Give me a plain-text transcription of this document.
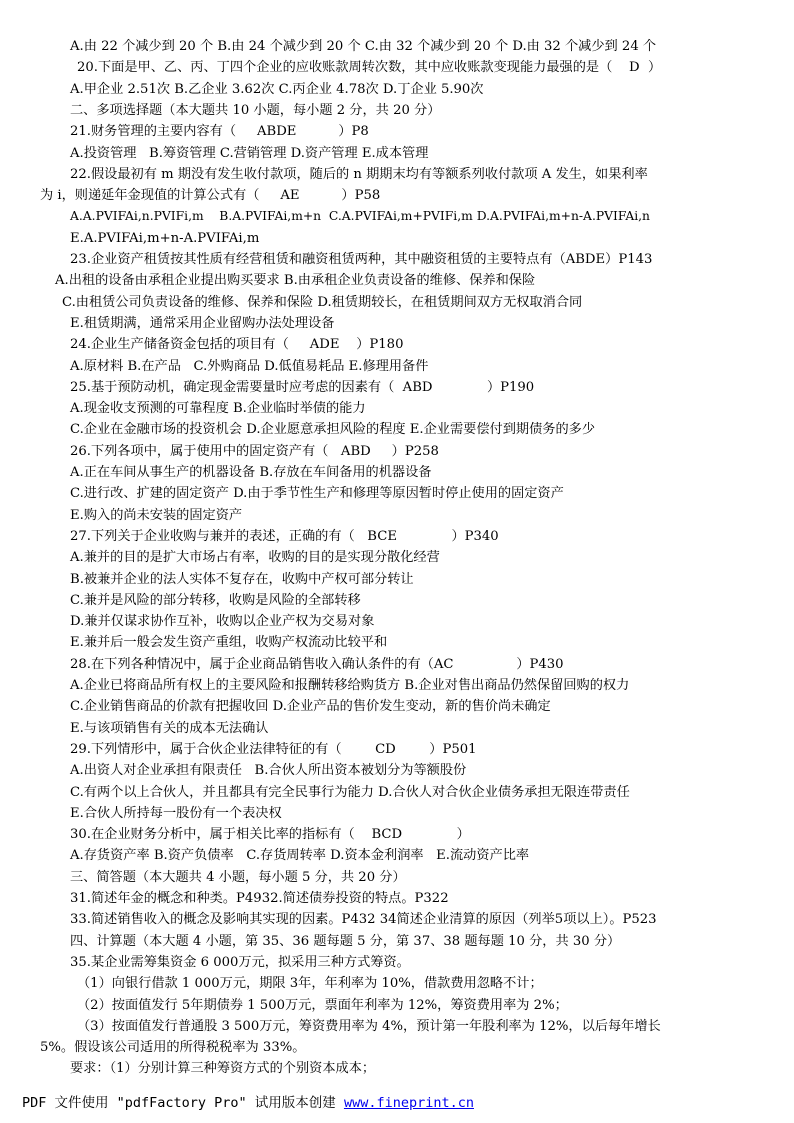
A.由 22 个减少到 20 个 B.由 24 个减少到 20 个 C.由 32 个减少到 20 个 D.由 32 个减少到 24 个
20.下面是甲、乙、丙、丁四个企业的应收账款周转次数，其中应收账款变现能力最强的是（    D  ）
A.甲企业 2.51次 B.乙企业 3.62次 C.丙企业 4.78次 D.丁企业 5.90次
二、多项选择题（本大题共 10 小题，每小题 2 分，共 20 分）
21.财务管理的主要内容有（     ABDE          ）P8
A.投资管理   B.筹资管理 C.营销管理 D.资产管理 E.成本管理
22.假设最初有 m 期没有发生收付款项，随后的 n 期期末均有等额系列收付款项 A 发生，如果利率
为 i，则递延年金现值的计算公式有（     AE          ）P58
A.A.PVIFAi,n.PVIFi,m    B.A.PVIFAi,m+n  C.A.PVIFAi,m+PVIFi,m D.A.PVIFAi,m+n-A.PVIFAi,n
E.A.PVIFAi,m+n-A.PVIFAi,m
23.企业资产租赁按其性质有经营租赁和融资租赁两种，其中融资租赁的主要特点有（ABDE）P143
A.出租的设备由承租企业提出购买要求 B.由承租企业负责设备的维修、保养和保险
C.由租赁公司负责设备的维修、保养和保险 D.租赁期较长，在租赁期间双方无权取消合同
E.租赁期满，通常采用企业留购办法处理设备
24.企业生产储备资金包括的项目有（     ADE    ）P180
A.原材料 B.在产品   C.外购商品 D.低值易耗品 E.修理用备件
25.基于预防动机，确定现金需要量时应考虑的因素有（  ABD             ）P190
A.现金收支预测的可靠程度 B.企业临时举债的能力
C.企业在金融市场的投资机会 D.企业愿意承担风险的程度 E.企业需要偿付到期债务的多少
26.下列各项中，属于使用中的固定资产有（   ABD     ）P258
A.正在车间从事生产的机器设备 B.存放在车间备用的机器设备
C.进行改、扩建的固定资产 D.由于季节性生产和修理等原因暂时停止使用的固定资产
E.购入的尚未安装的固定资产
27.下列关于企业收购与兼并的表述，正确的有（   BCE             ）P340
A.兼并的目的是扩大市场占有率，收购的目的是实现分散化经营
B.被兼并企业的法人实体不复存在，收购中产权可部分转让
C.兼并是风险的部分转移，收购是风险的全部转移
D.兼并仅谋求协作互补，收购以企业产权为交易对象
E.兼并后一般会发生资产重组，收购产权流动比较平和
28.在下列各种情况中，属于企业商品销售收入确认条件的有（AC               ）P430
A.企业已将商品所有权上的主要风险和报酬转移给购货方 B.企业对售出商品仍然保留回购的权力
C.企业销售商品的价款有把握收回 D.企业产品的售价发生变动，新的售价尚未确定
E.与该项销售有关的成本无法确认
29.下列情形中，属于合伙企业法律特征的有（        CD        ）P501
A.出资人对企业承担有限责任   B.合伙人所出资本被划分为等额股份
C.有两个以上合伙人，并且都具有完全民事行为能力 D.合伙人对合伙企业债务承担无限连带责任
E.合伙人所持每一股份有一个表决权
30.在企业财务分析中，属于相关比率的指标有（    BCD             ）
A.存货资产率 B.资产负债率   C.存货周转率 D.资本金利润率   E.流动资产比率
三、简答题（本大题共 4 小题，每小题 5 分，共 20 分）
31.简述年金的概念和种类。P4932.简述债券投资的特点。P322
33.简述销售收入的概念及影响其实现的因素。P432 34简述企业清算的原因（列举5项以上）。P523
四、计算题（本大题 4 小题，第 35、36 题每题 5 分，第 37、38 题每题 10 分，共 30 分）
35.某企业需筹集资金 6 000万元，拟采用三种方式筹资。
（1）向银行借款 1 000万元，期限 3年，年利率为 10%，借款费用忽略不计；
（2）按面值发行 5年期债券 1 500万元，票面年利率为 12%，筹资费用率为 2%；
（3）按面值发行普通股 3 500万元，筹资费用率为 4%，预计第一年股利率为 12%，以后每年增长
5%。假设该公司适用的所得税税率为 33%。
要求：（1）分别计算三种筹资方式的个别资本成本；
PDF 文件使用 "pdfFactory Pro" 试用版本创建 www.fineprint.cn
